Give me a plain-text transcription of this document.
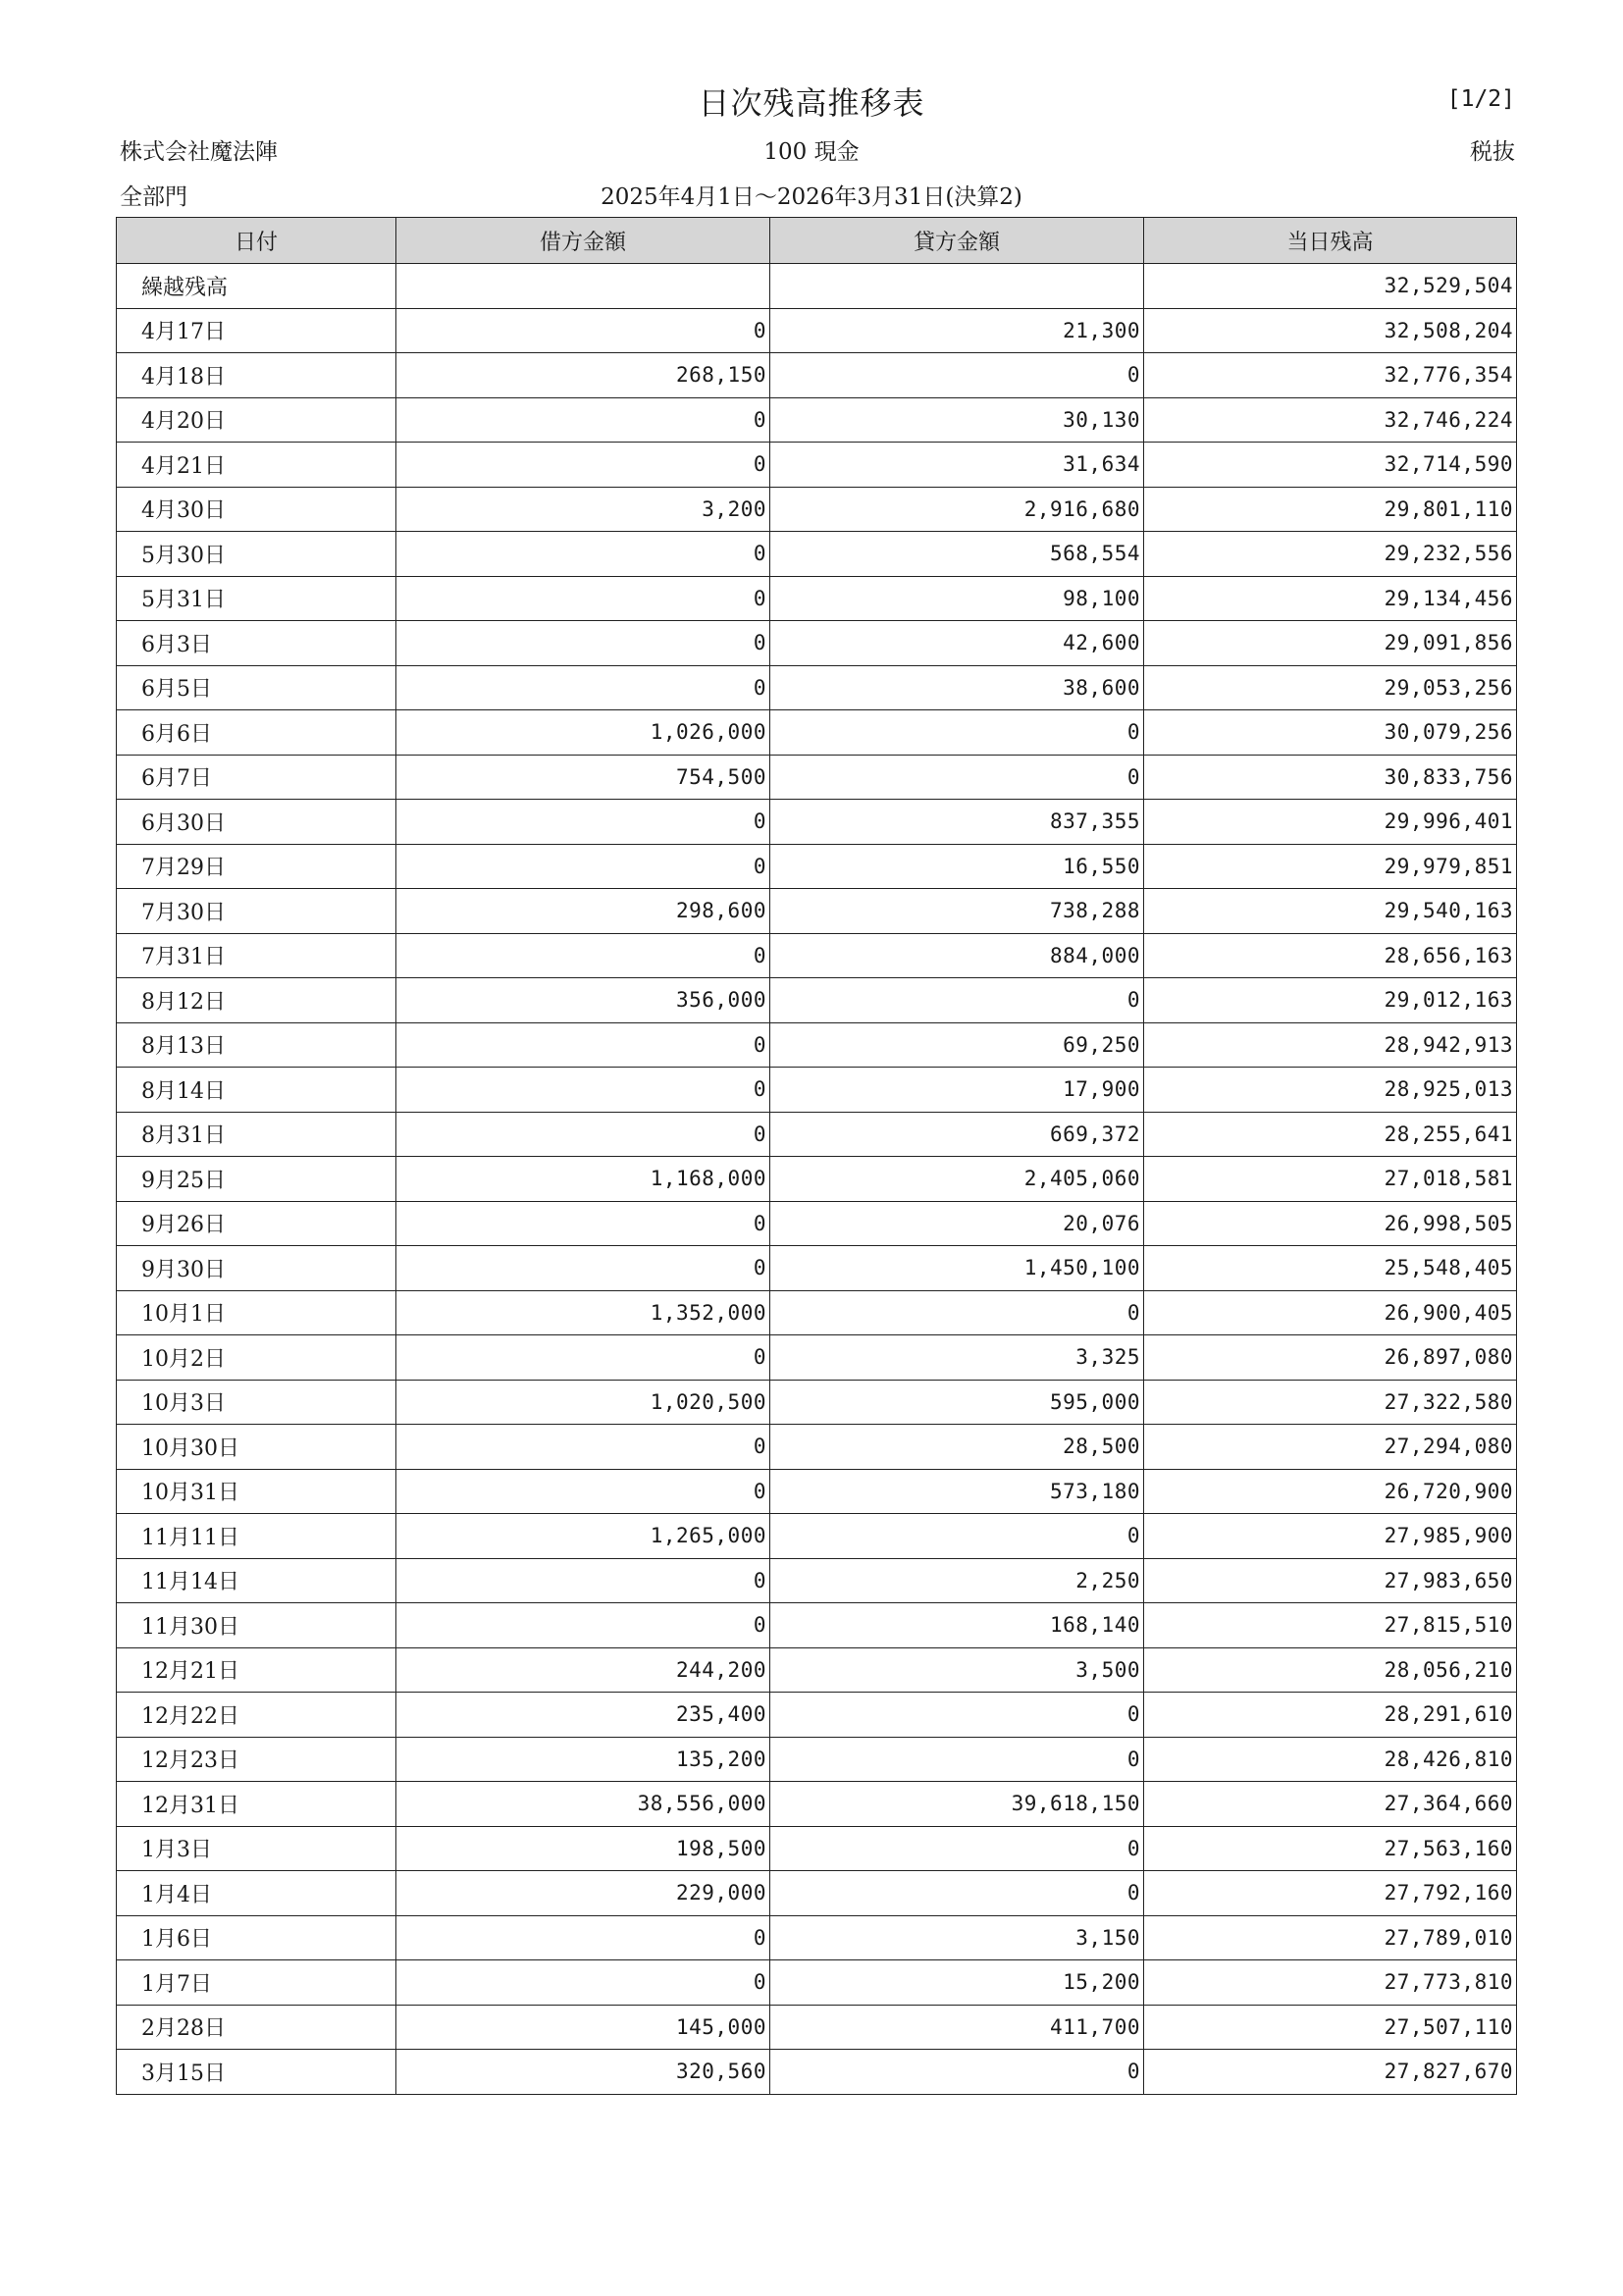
日次残高推移表	[1/2]
株式会社魔法陣	100 現金	税抜
全部門	2025年4月1日～2026年3月31日(決算2)
日付	借方金額	貸方金額	当日残高
繰越残高			32,529,504
4月17日	0	21,300	32,508,204
4月18日	268,150	0	32,776,354
4月20日	0	30,130	32,746,224
4月21日	0	31,634	32,714,590
4月30日	3,200	2,916,680	29,801,110
5月30日	0	568,554	29,232,556
5月31日	0	98,100	29,134,456
6月3日	0	42,600	29,091,856
6月5日	0	38,600	29,053,256
6月6日	1,026,000	0	30,079,256
6月7日	754,500	0	30,833,756
6月30日	0	837,355	29,996,401
7月29日	0	16,550	29,979,851
7月30日	298,600	738,288	29,540,163
7月31日	0	884,000	28,656,163
8月12日	356,000	0	29,012,163
8月13日	0	69,250	28,942,913
8月14日	0	17,900	28,925,013
8月31日	0	669,372	28,255,641
9月25日	1,168,000	2,405,060	27,018,581
9月26日	0	20,076	26,998,505
9月30日	0	1,450,100	25,548,405
10月1日	1,352,000	0	26,900,405
10月2日	0	3,325	26,897,080
10月3日	1,020,500	595,000	27,322,580
10月30日	0	28,500	27,294,080
10月31日	0	573,180	26,720,900
11月11日	1,265,000	0	27,985,900
11月14日	0	2,250	27,983,650
11月30日	0	168,140	27,815,510
12月21日	244,200	3,500	28,056,210
12月22日	235,400	0	28,291,610
12月23日	135,200	0	28,426,810
12月31日	38,556,000	39,618,150	27,364,660
1月3日	198,500	0	27,563,160
1月4日	229,000	0	27,792,160
1月6日	0	3,150	27,789,010
1月7日	0	15,200	27,773,810
2月28日	145,000	411,700	27,507,110
3月15日	320,560	0	27,827,670
